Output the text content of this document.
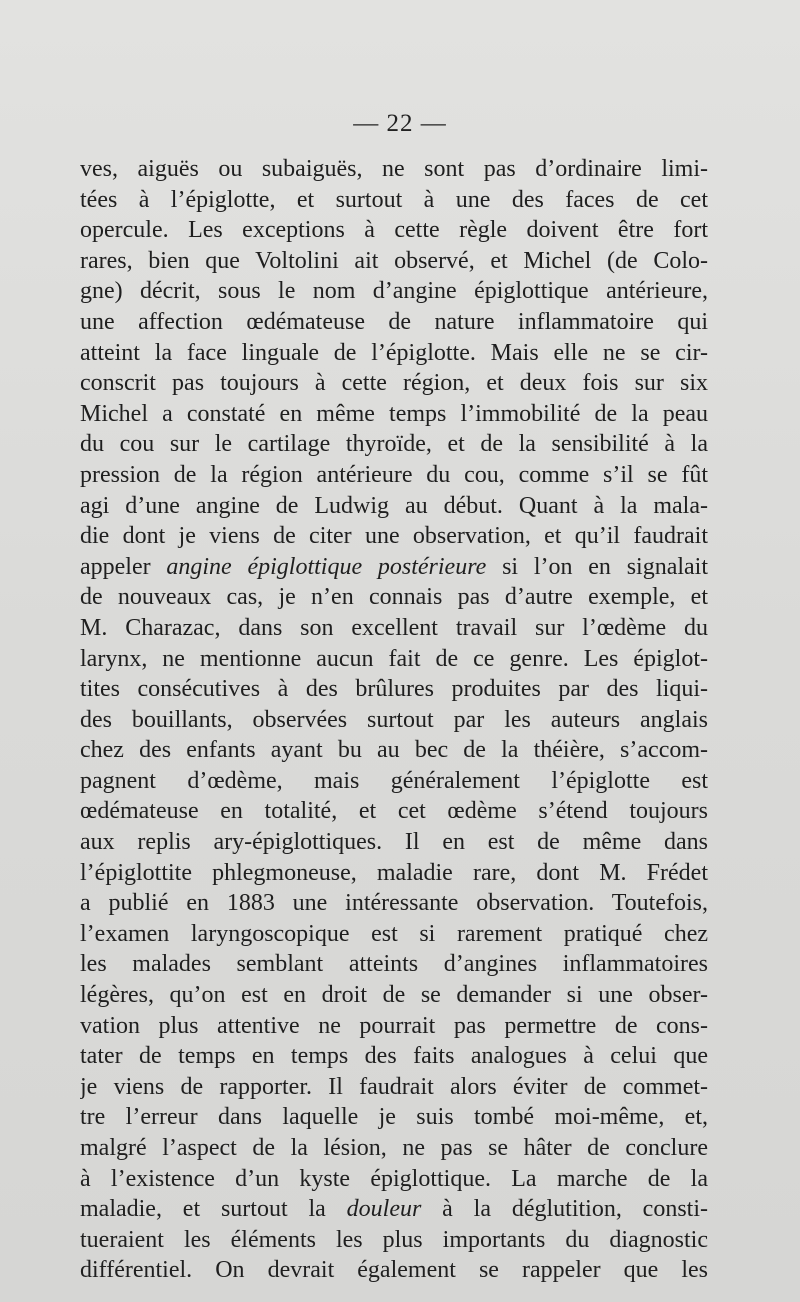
— 22 —
ves, aiguës ou subaiguës, ne sont pas d’ordinaire limi-
tées à l’épiglotte, et surtout à une des faces de cet
opercule. Les exceptions à cette règle doivent être fort
rares, bien que Voltolini ait observé, et Michel (de Colo-
gne) décrit, sous le nom d’angine épiglottique antérieure,
une affection œdémateuse de nature inflammatoire qui
atteint la face linguale de l’épiglotte. Mais elle ne se cir-
conscrit pas toujours à cette région, et deux fois sur six
Michel a constaté en même temps l’immobilité de la peau
du cou sur le cartilage thyroïde, et de la sensibilité à la
pression de la région antérieure du cou, comme s’il se fût
agi d’une angine de Ludwig au début. Quant à la mala-
die dont je viens de citer une observation, et qu’il faudrait
appeler angine épiglottique postérieure si l’on en signalait
de nouveaux cas, je n’en connais pas d’autre exemple, et
M. Charazac, dans son excellent travail sur l’œdème du
larynx, ne mentionne aucun fait de ce genre. Les épiglot-
tites consécutives à des brûlures produites par des liqui-
des bouillants, observées surtout par les auteurs anglais
chez des enfants ayant bu au bec de la théière, s’accom-
pagnent d’œdème, mais généralement l’épiglotte est
œdémateuse en totalité, et cet œdème s’étend toujours
aux replis ary-épiglottiques. Il en est de même dans
l’épiglottite phlegmoneuse, maladie rare, dont M. Frédet
a publié en 1883 une intéressante observation. Toutefois,
l’examen laryngoscopique est si rarement pratiqué chez
les malades semblant atteints d’angines inflammatoires
légères, qu’on est en droit de se demander si une obser-
vation plus attentive ne pourrait pas permettre de cons-
tater de temps en temps des faits analogues à celui que
je viens de rapporter. Il faudrait alors éviter de commet-
tre l’erreur dans laquelle je suis tombé moi-même, et,
malgré l’aspect de la lésion, ne pas se hâter de conclure
à l’existence d’un kyste épiglottique. La marche de la
maladie, et surtout la douleur à la déglutition, consti-
tueraient les éléments les plus importants du diagnostic
différentiel. On devrait également se rappeler que les
